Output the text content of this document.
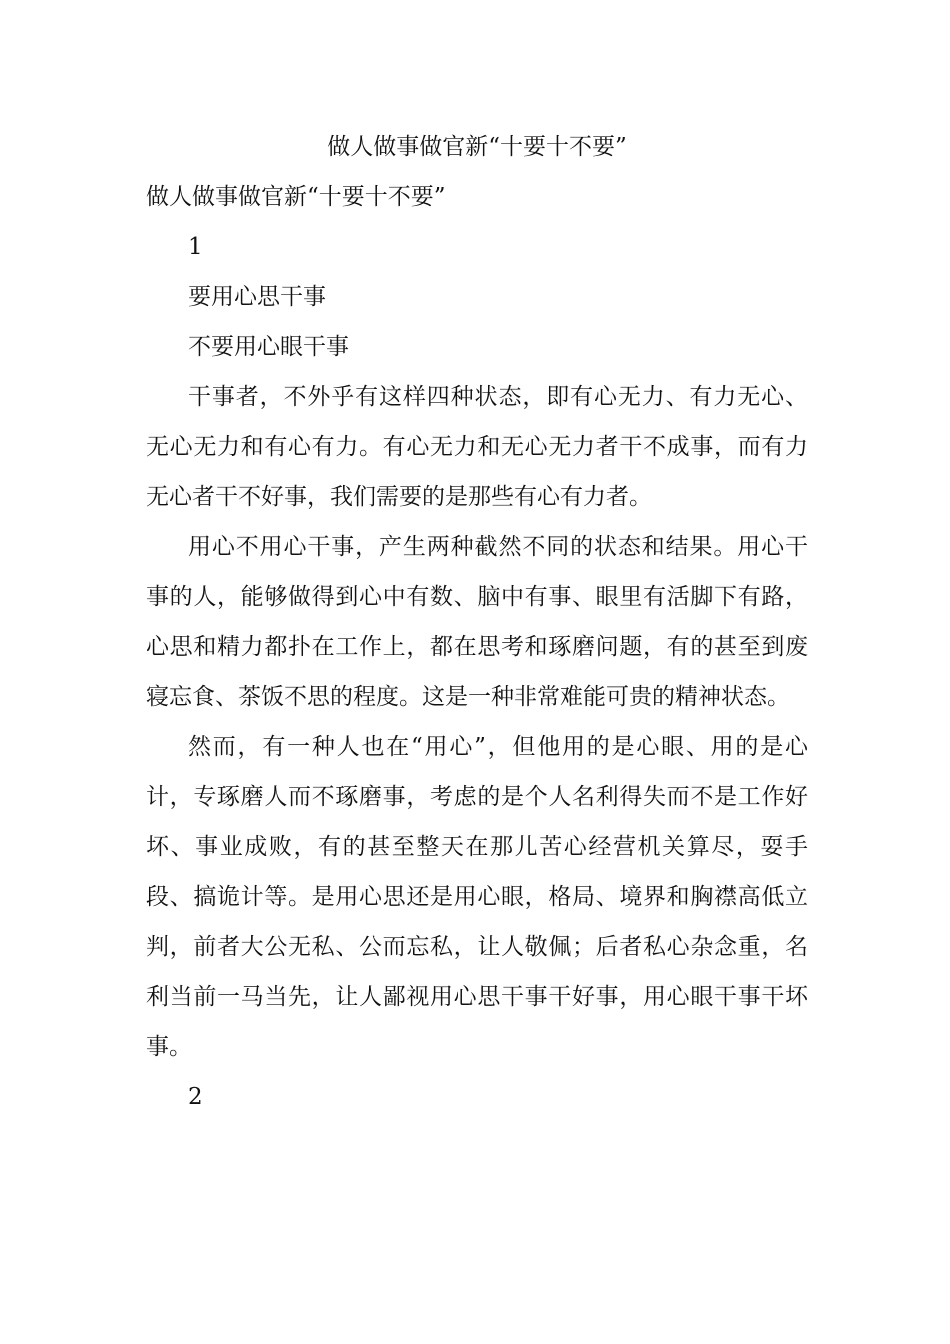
做人做事做官新“十要十不要”
做人做事做官新“十要十不要”

1

要用心思干事

不要用心眼干事

干事者，不外乎有这样四种状态，即有心无力、有力无心、无心无力和有心有力。有心无力和无心无力者干不成事，而有力无心者干不好事，我们需要的是那些有心有力者。

用心不用心干事，产生两种截然不同的状态和结果。用心干事的人，能够做得到心中有数、脑中有事、眼里有活脚下有路，心思和精力都扑在工作上，都在思考和琢磨问题，有的甚至到废寝忘食、茶饭不思的程度。这是一种非常难能可贵的精神状态。

然而，有一种人也在“用心”，但他用的是心眼、用的是心计，专琢磨人而不琢磨事，考虑的是个人名利得失而不是工作好坏、事业成败，有的甚至整天在那儿苦心经营机关算尽，耍手段、搞诡计等。是用心思还是用心眼，格局、境界和胸襟高低立判，前者大公无私、公而忘私，让人敬佩；后者私心杂念重，名利当前一马当先，让人鄙视用心思干事干好事，用心眼干事干坏事。

2
